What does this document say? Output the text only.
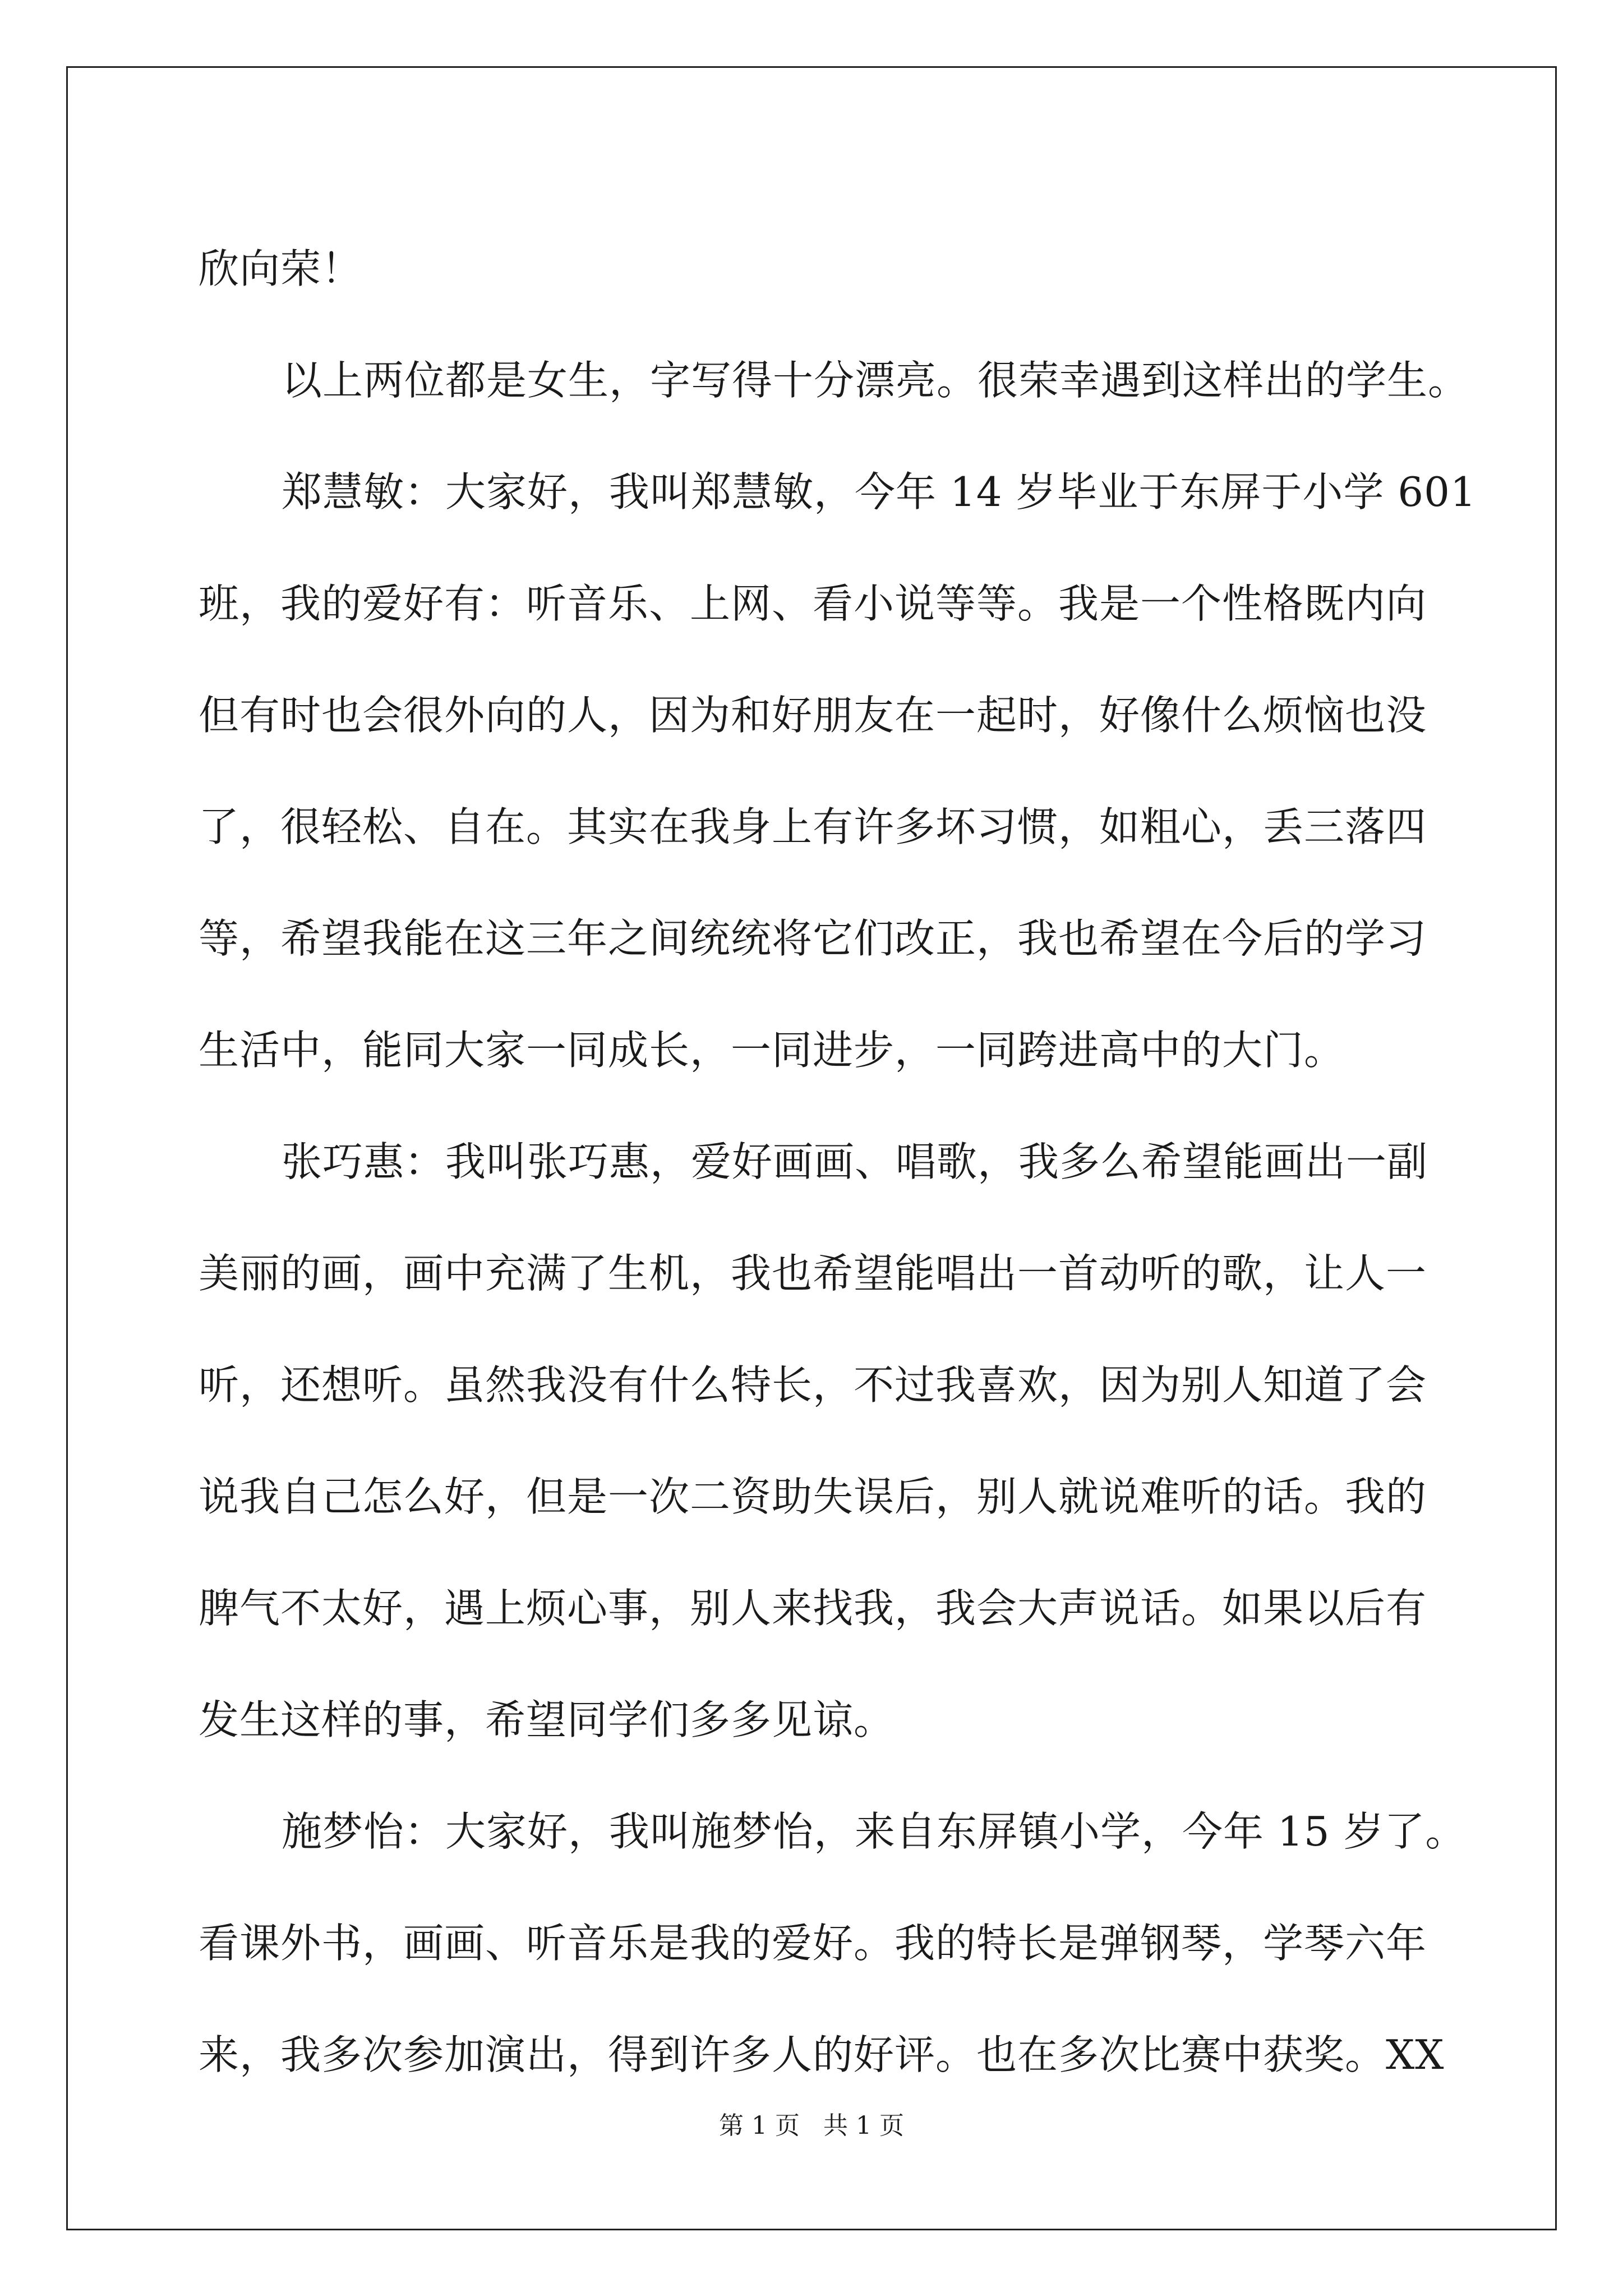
欣向荣！
以上两位都是女生，字写得十分漂亮。很荣幸遇到这样出的学生。
郑慧敏：大家好，我叫郑慧敏，今年 14 岁毕业于东屏于小学 601
班，我的爱好有：听音乐、上网、看小说等等。我是一个性格既内向
但有时也会很外向的人，因为和好朋友在一起时，好像什么烦恼也没
了，很轻松、自在。其实在我身上有许多坏习惯，如粗心，丢三落四
等，希望我能在这三年之间统统将它们改正，我也希望在今后的学习
生活中，能同大家一同成长，一同进步，一同跨进高中的大门。
张巧惠：我叫张巧惠，爱好画画、唱歌，我多么希望能画出一副
美丽的画，画中充满了生机，我也希望能唱出一首动听的歌，让人一
听，还想听。虽然我没有什么特长，不过我喜欢，因为别人知道了会
说我自己怎么好，但是一次二资助失误后，别人就说难听的话。我的
脾气不太好，遇上烦心事，别人来找我，我会大声说话。如果以后有
发生这样的事，希望同学们多多见谅。
施梦怡：大家好，我叫施梦怡，来自东屏镇小学，今年 15 岁了。
看课外书，画画、听音乐是我的爱好。我的特长是弹钢琴，学琴六年
来，我多次参加演出，得到许多人的好评。也在多次比赛中获奖。XX
第 1 页   共 1 页
